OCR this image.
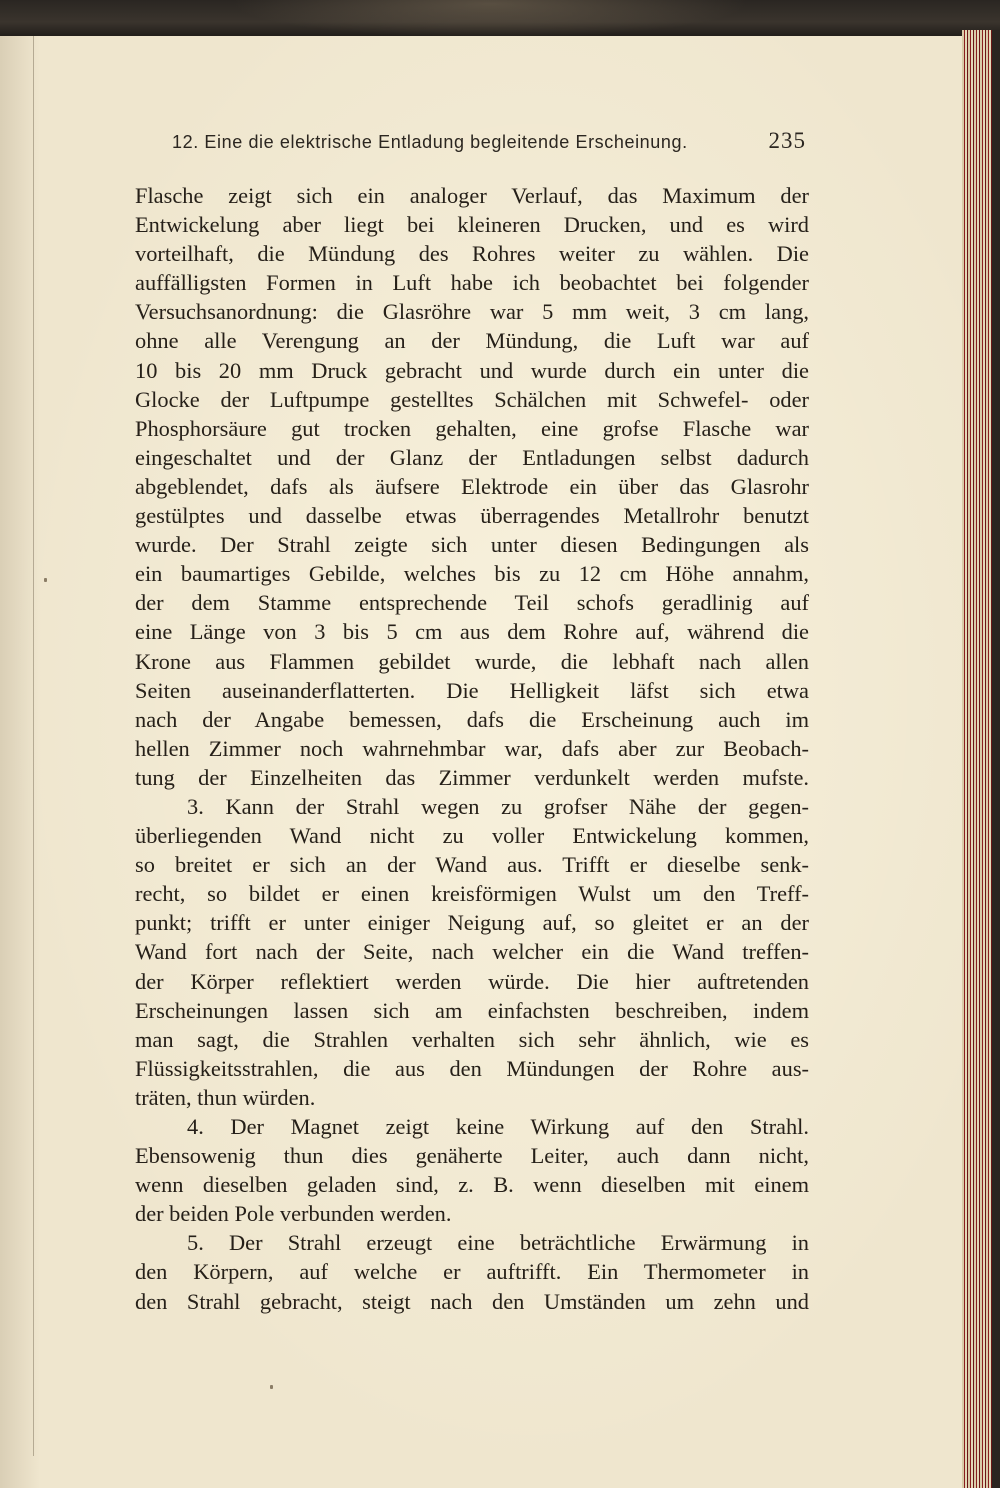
12. Eine die elektrische Entladung begleitende Erscheinung.	235
Flasche zeigt sich ein analoger Verlauf, das Maximum der
Entwickelung aber liegt bei kleineren Drucken, und es wird
vorteilhaft, die Mündung des Rohres weiter zu wählen. Die
auffälligsten Formen in Luft habe ich beobachtet bei folgender
Versuchsanordnung: die Glasröhre war 5 mm weit, 3 cm lang,
ohne alle Verengung an der Mündung, die Luft war auf
10 bis 20 mm Druck gebracht und wurde durch ein unter die
Glocke der Luftpumpe gestelltes Schälchen mit Schwefel- oder
Phosphorsäure gut trocken gehalten, eine grofse Flasche war
eingeschaltet und der Glanz der Entladungen selbst dadurch
abgeblendet, dafs als äufsere Elektrode ein über das Glasrohr
gestülptes und dasselbe etwas überragendes Metallrohr benutzt
wurde. Der Strahl zeigte sich unter diesen Bedingungen als
ein baumartiges Gebilde, welches bis zu 12 cm Höhe annahm,
der dem Stamme entsprechende Teil schofs geradlinig auf
eine Länge von 3 bis 5 cm aus dem Rohre auf, während die
Krone aus Flammen gebildet wurde, die lebhaft nach allen
Seiten auseinanderflatterten. Die Helligkeit läfst sich etwa
nach der Angabe bemessen, dafs die Erscheinung auch im
hellen Zimmer noch wahrnehmbar war, dafs aber zur Beobach-
tung der Einzelheiten das Zimmer verdunkelt werden mufste.
3. Kann der Strahl wegen zu grofser Nähe der gegen-
überliegenden Wand nicht zu voller Entwickelung kommen,
so breitet er sich an der Wand aus. Trifft er dieselbe senk-
recht, so bildet er einen kreisförmigen Wulst um den Treff-
punkt; trifft er unter einiger Neigung auf, so gleitet er an der
Wand fort nach der Seite, nach welcher ein die Wand treffen-
der Körper reflektiert werden würde. Die hier auftretenden
Erscheinungen lassen sich am einfachsten beschreiben, indem
man sagt, die Strahlen verhalten sich sehr ähnlich, wie es
Flüssigkeitsstrahlen, die aus den Mündungen der Rohre aus-
träten, thun würden.
4. Der Magnet zeigt keine Wirkung auf den Strahl.
Ebensowenig thun dies genäherte Leiter, auch dann nicht,
wenn dieselben geladen sind, z. B. wenn dieselben mit einem
der beiden Pole verbunden werden.
5. Der Strahl erzeugt eine beträchtliche Erwärmung in
den Körpern, auf welche er auftrifft. Ein Thermometer in
den Strahl gebracht, steigt nach den Umständen um zehn und
